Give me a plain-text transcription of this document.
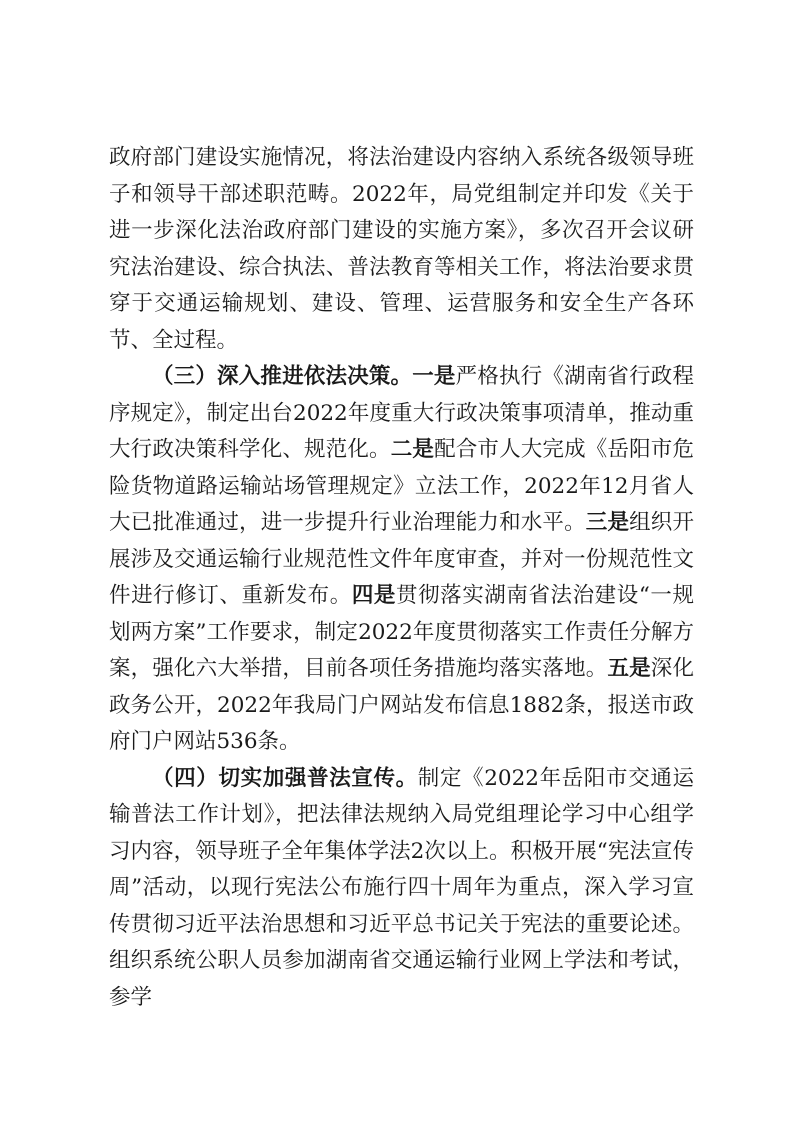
政府部门建设实施情况，将法治建设内容纳入系统各级领导班子和领导干部述职范畴。2022年，局党组制定并印发《关于进一步深化法治政府部门建设的实施方案》，多次召开会议研究法治建设、综合执法、普法教育等相关工作，将法治要求贯穿于交通运输规划、建设、管理、运营服务和安全生产各环节、全过程。

（三）深入推进依法决策。一是严格执行《湖南省行政程序规定》，制定出台2022年度重大行政决策事项清单，推动重大行政决策科学化、规范化。二是配合市人大完成《岳阳市危险货物道路运输站场管理规定》立法工作，2022年12月省人大已批准通过，进一步提升行业治理能力和水平。三是组织开展涉及交通运输行业规范性文件年度审查，并对一份规范性文件进行修订、重新发布。四是贯彻落实湖南省法治建设“一规划两方案”工作要求，制定2022年度贯彻落实工作责任分解方案，强化六大举措，目前各项任务措施均落实落地。五是深化政务公开，2022年我局门户网站发布信息1882条，报送市政府门户网站536条。

（四）切实加强普法宣传。制定《2022年岳阳市交通运输普法工作计划》，把法律法规纳入局党组理论学习中心组学习内容，领导班子全年集体学法2次以上。积极开展“宪法宣传周”活动，以现行宪法公布施行四十周年为重点，深入学习宣传贯彻习近平法治思想和习近平总书记关于宪法的重要论述。组织系统公职人员参加湖南省交通运输行业网上学法和考试，参学
